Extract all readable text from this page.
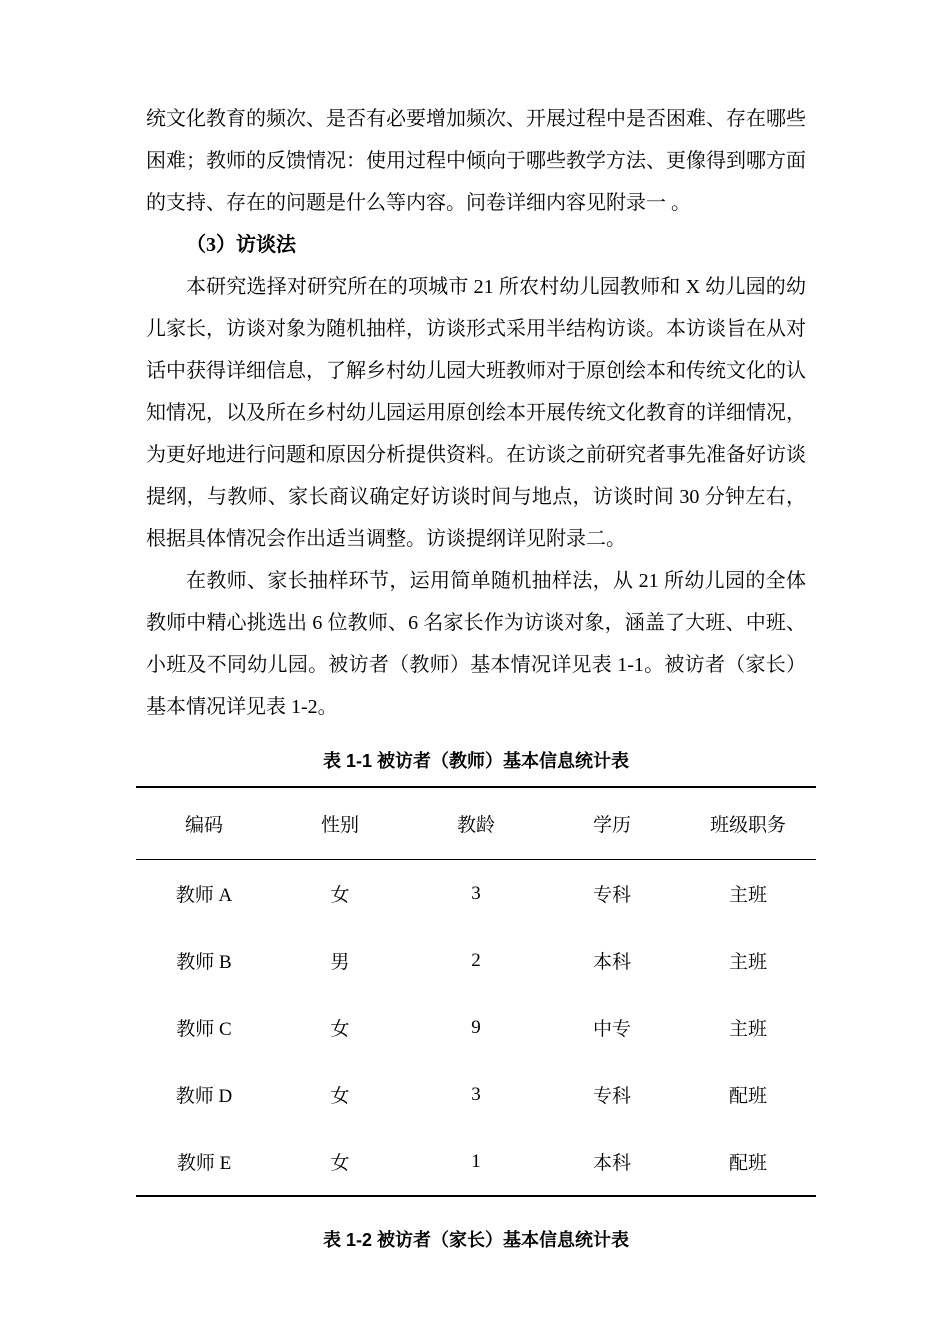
统文化教育的频次、是否有必要增加频次、开展过程中是否困难、存在哪些困难；教师的反馈情况：使用过程中倾向于哪些教学方法、更像得到哪方面的支持、存在的问题是什么等内容。问卷详细内容见附录一 。

（3）访谈法

本研究选择对研究所在的项城市 21 所农村幼儿园教师和 X 幼儿园的幼儿家长，访谈对象为随机抽样，访谈形式采用半结构访谈。本访谈旨在从对话中获得详细信息，了解乡村幼儿园大班教师对于原创绘本和传统文化的认知情况，以及所在乡村幼儿园运用原创绘本开展传统文化教育的详细情况，为更好地进行问题和原因分析提供资料。在访谈之前研究者事先准备好访谈提纲，与教师、家长商议确定好访谈时间与地点，访谈时间 30 分钟左右，根据具体情况会作出适当调整。访谈提纲详见附录二。

在教师、家长抽样环节，运用简单随机抽样法，从 21 所幼儿园的全体教师中精心挑选出 6 位教师、6 名家长作为访谈对象，涵盖了大班、中班、小班及不同幼儿园。被访者（教师）基本情况详见表 1-1。被访者（家长）基本情况详见表 1-2。

表 1-1 被访者（教师）基本信息统计表

编码	性别	教龄	学历	班级职务
教师 A	女	3	专科	主班
教师 B	男	2	本科	主班
教师 C	女	9	中专	主班
教师 D	女	3	专科	配班
教师 E	女	1	本科	配班

表 1-2 被访者（家长）基本信息统计表
